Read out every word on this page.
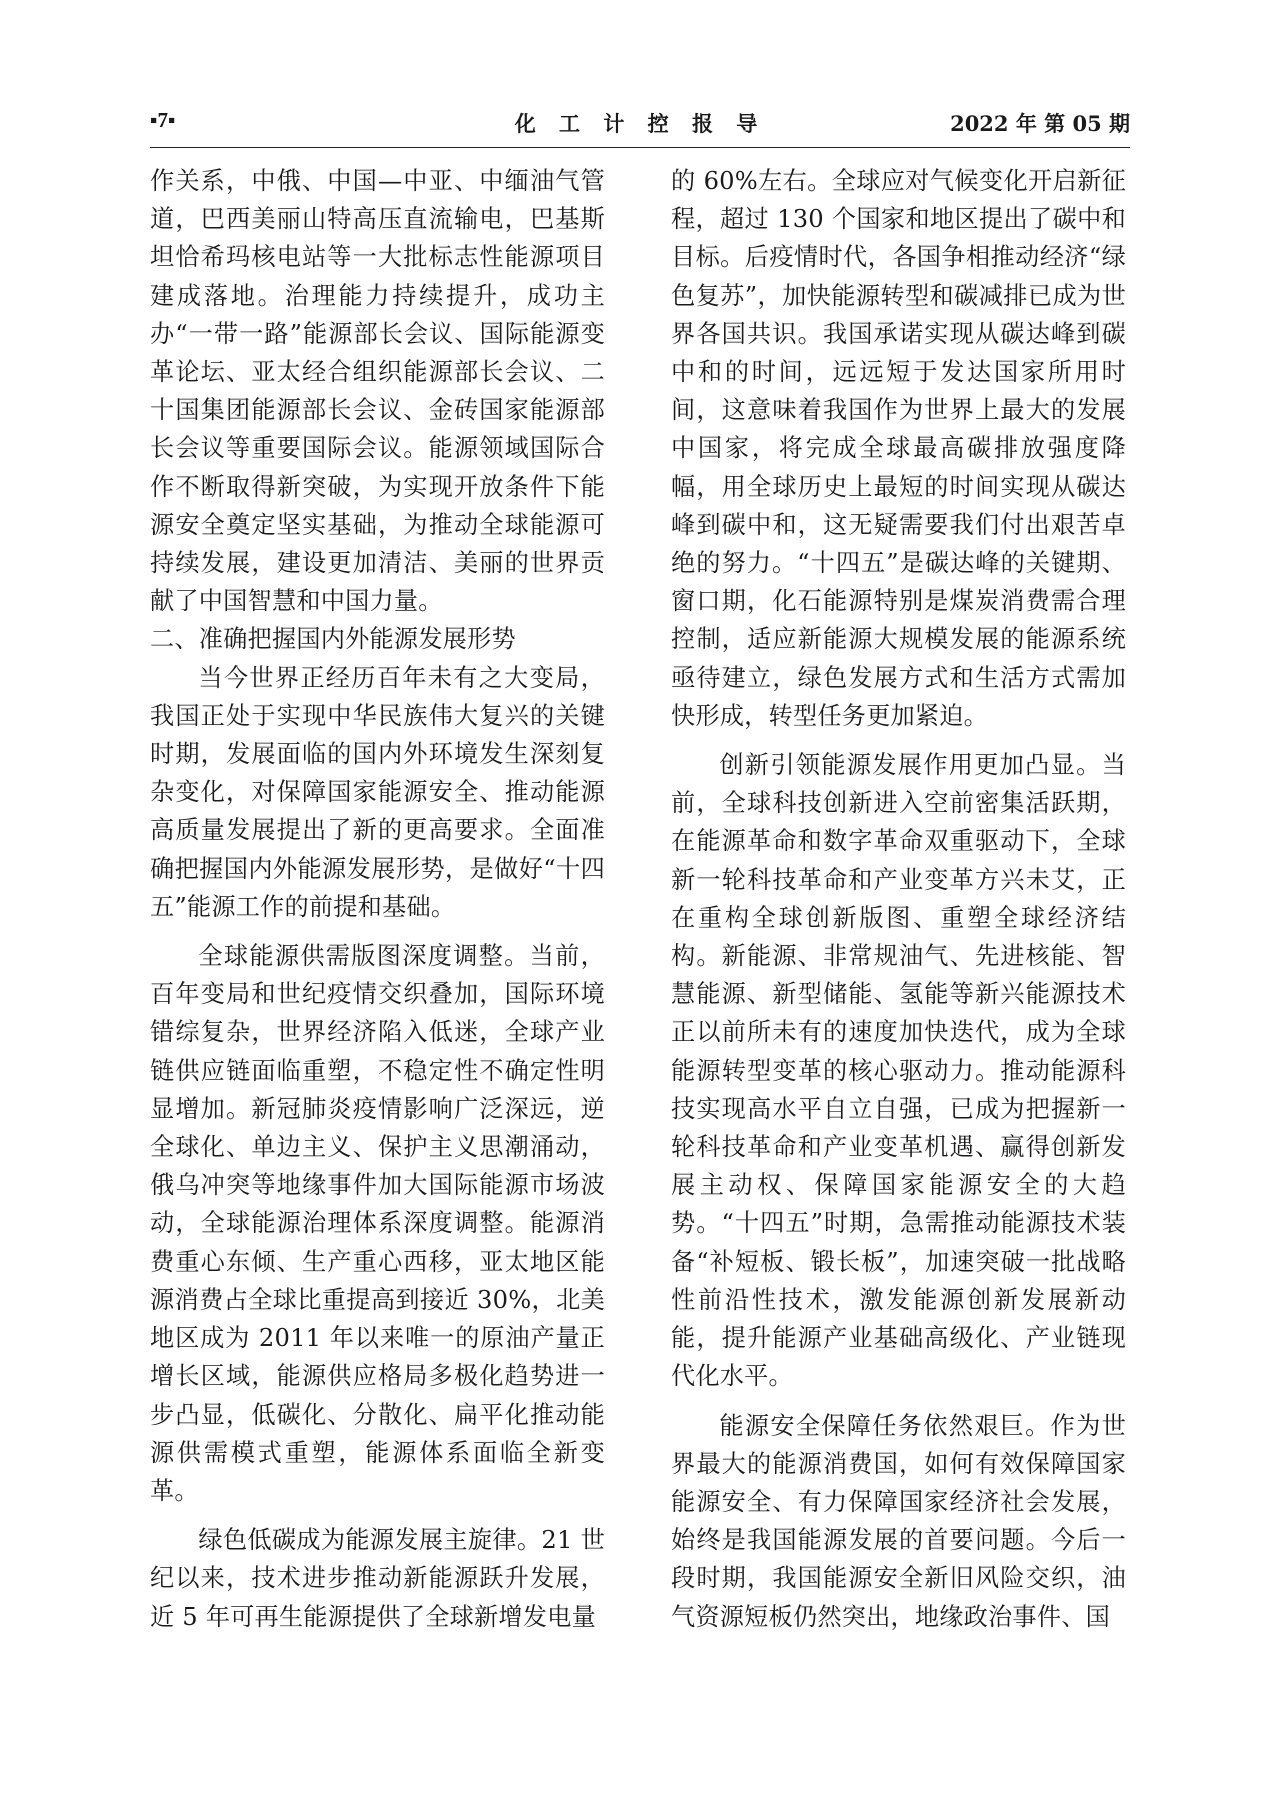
▪7▪	化 工 计 控 报 导	2022 年 第 05 期

作关系，中俄、中国—中亚、中缅油气管道，巴西美丽山特高压直流输电，巴基斯坦恰希玛核电站等一大批标志性能源项目建成落地。治理能力持续提升，成功主办“一带一路”能源部长会议、国际能源变革论坛、亚太经合组织能源部长会议、二十国集团能源部长会议、金砖国家能源部长会议等重要国际会议。能源领域国际合作不断取得新突破，为实现开放条件下能源安全奠定坚实基础，为推动全球能源可持续发展，建设更加清洁、美丽的世界贡献了中国智慧和中国力量。

二、准确把握国内外能源发展形势

当今世界正经历百年未有之大变局，我国正处于实现中华民族伟大复兴的关键时期，发展面临的国内外环境发生深刻复杂变化，对保障国家能源安全、推动能源高质量发展提出了新的更高要求。全面准确把握国内外能源发展形势，是做好“十四五”能源工作的前提和基础。

全球能源供需版图深度调整。当前，百年变局和世纪疫情交织叠加，国际环境错综复杂，世界经济陷入低迷，全球产业链供应链面临重塑，不稳定性不确定性明显增加。新冠肺炎疫情影响广泛深远，逆全球化、单边主义、保护主义思潮涌动，俄乌冲突等地缘事件加大国际能源市场波动，全球能源治理体系深度调整。能源消费重心东倾、生产重心西移，亚太地区能源消费占全球比重提高到接近 30%，北美地区成为 2011 年以来唯一的原油产量正增长区域，能源供应格局多极化趋势进一步凸显，低碳化、分散化、扁平化推动能源供需模式重塑，能源体系面临全新变革。

绿色低碳成为能源发展主旋律。21 世纪以来，技术进步推动新能源跃升发展，近 5 年可再生能源提供了全球新增发电量

的 60%左右。全球应对气候变化开启新征程，超过 130 个国家和地区提出了碳中和目标。后疫情时代，各国争相推动经济“绿色复苏”，加快能源转型和碳减排已成为世界各国共识。我国承诺实现从碳达峰到碳中和的时间，远远短于发达国家所用时间，这意味着我国作为世界上最大的发展中国家，将完成全球最高碳排放强度降幅，用全球历史上最短的时间实现从碳达峰到碳中和，这无疑需要我们付出艰苦卓绝的努力。“十四五”是碳达峰的关键期、窗口期，化石能源特别是煤炭消费需合理控制，适应新能源大规模发展的能源系统亟待建立，绿色发展方式和生活方式需加快形成，转型任务更加紧迫。

创新引领能源发展作用更加凸显。当前，全球科技创新进入空前密集活跃期，在能源革命和数字革命双重驱动下，全球新一轮科技革命和产业变革方兴未艾，正在重构全球创新版图、重塑全球经济结构。新能源、非常规油气、先进核能、智慧能源、新型储能、氢能等新兴能源技术正以前所未有的速度加快迭代，成为全球能源转型变革的核心驱动力。推动能源科技实现高水平自立自强，已成为把握新一轮科技革命和产业变革机遇、赢得创新发展主动权、保障国家能源安全的大趋势。“十四五”时期，急需推动能源技术装备“补短板、锻长板”，加速突破一批战略性前沿性技术，激发能源创新发展新动能，提升能源产业基础高级化、产业链现代化水平。

能源安全保障任务依然艰巨。作为世界最大的能源消费国，如何有效保障国家能源安全、有力保障国家经济社会发展，始终是我国能源发展的首要问题。今后一段时期，我国能源安全新旧风险交织，油气资源短板仍然突出，地缘政治事件、国
